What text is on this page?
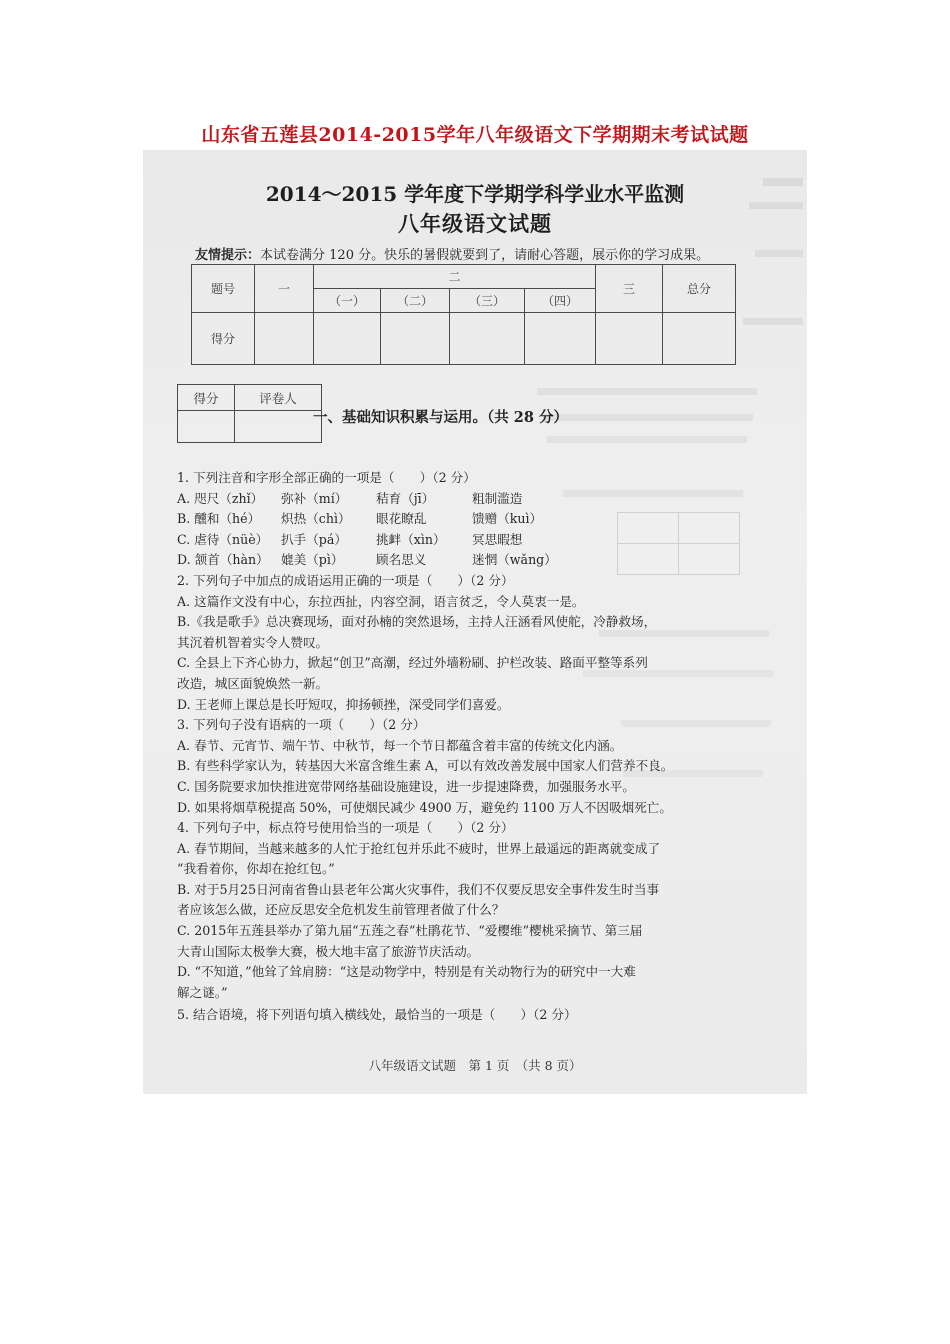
山东省五莲县2014-2015学年八年级语文下学期期末考试试题
2014～2015 学年度下学期学科学业水平监测
八年级语文试题
友情提示：本试卷满分 120 分。快乐的暑假就要到了，请耐心答题，展示你的学习成果。
题号	一	二				三	总分
		（一）	（二）	（三）	（四）		
得分							
得分	评卷人

一、基础知识积累与运用。（共 28 分）
1. 下列注音和字形全部正确的一项是（　　）（2 分）
A. 咫尺（zhǐ） 弥补（mí） 秸育（jī）	粗制滥造
B. 醺和（hé） 炽热（chì） 眼花瞭乱	馈赠（kuì）
C. 虐待（nüè） 扒手（pá） 挑衅（xìn） 冥思暇想
D. 颔首（hàn） 媲美（pì）	顾名思义	迷惘（wǎng）
2. 下列句子中加点的成语运用正确的一项是（　　）（2 分）
A. 这篇作文没有中心，东拉西扯，内容空洞，语言贫乏，令人莫衷一是。
B.《我是歌手》总决赛现场，面对孙楠的突然退场，主持人汪涵看风使舵，冷静救场，
其沉着机智着实令人赞叹。
C. 全县上下齐心协力，掀起“创卫”高潮，经过外墙粉刷、护栏改装、路面平整等系列
改造，城区面貌焕然一新。
D. 王老师上课总是长吁短叹，抑扬顿挫，深受同学们喜爱。
3. 下列句子没有语病的一项（　　）（2 分）
A. 春节、元宵节、端午节、中秋节，每一个节日都蕴含着丰富的传统文化内涵。
B. 有些科学家认为，转基因大米富含维生素 A，可以有效改善发展中国家人们营养不良。
C. 国务院要求加快推进宽带网络基础设施建设，进一步提速降费，加强服务水平。
D. 如果将烟草税提高 50%，可使烟民减少 4900 万，避免约 1100 万人不因吸烟死亡。
4. 下列句子中，标点符号使用恰当的一项是（　　）（2 分）
A. 春节期间，当越来越多的人忙于抢红包并乐此不疲时，世界上最遥远的距离就变成了
“我看着你，你却在抢红包。”
B. 对于5月25日河南省鲁山县老年公寓火灾事件，我们不仅要反思安全事件发生时当事
者应该怎么做，还应反思安全危机发生前管理者做了什么？
C. 2015年五莲县举办了第九届“五莲之春”杜鹃花节、“爱樱维”樱桃采摘节、第三届
大青山国际太极拳大赛，极大地丰富了旅游节庆活动。
D. “不知道，”他耸了耸肩膀：“这是动物学中，特别是有关动物行为的研究中一大难
解之谜。”
5. 结合语境，将下列语句填入横线处，最恰当的一项是（　　）（2 分）

八年级语文试题　第 1 页　（共 8 页）
